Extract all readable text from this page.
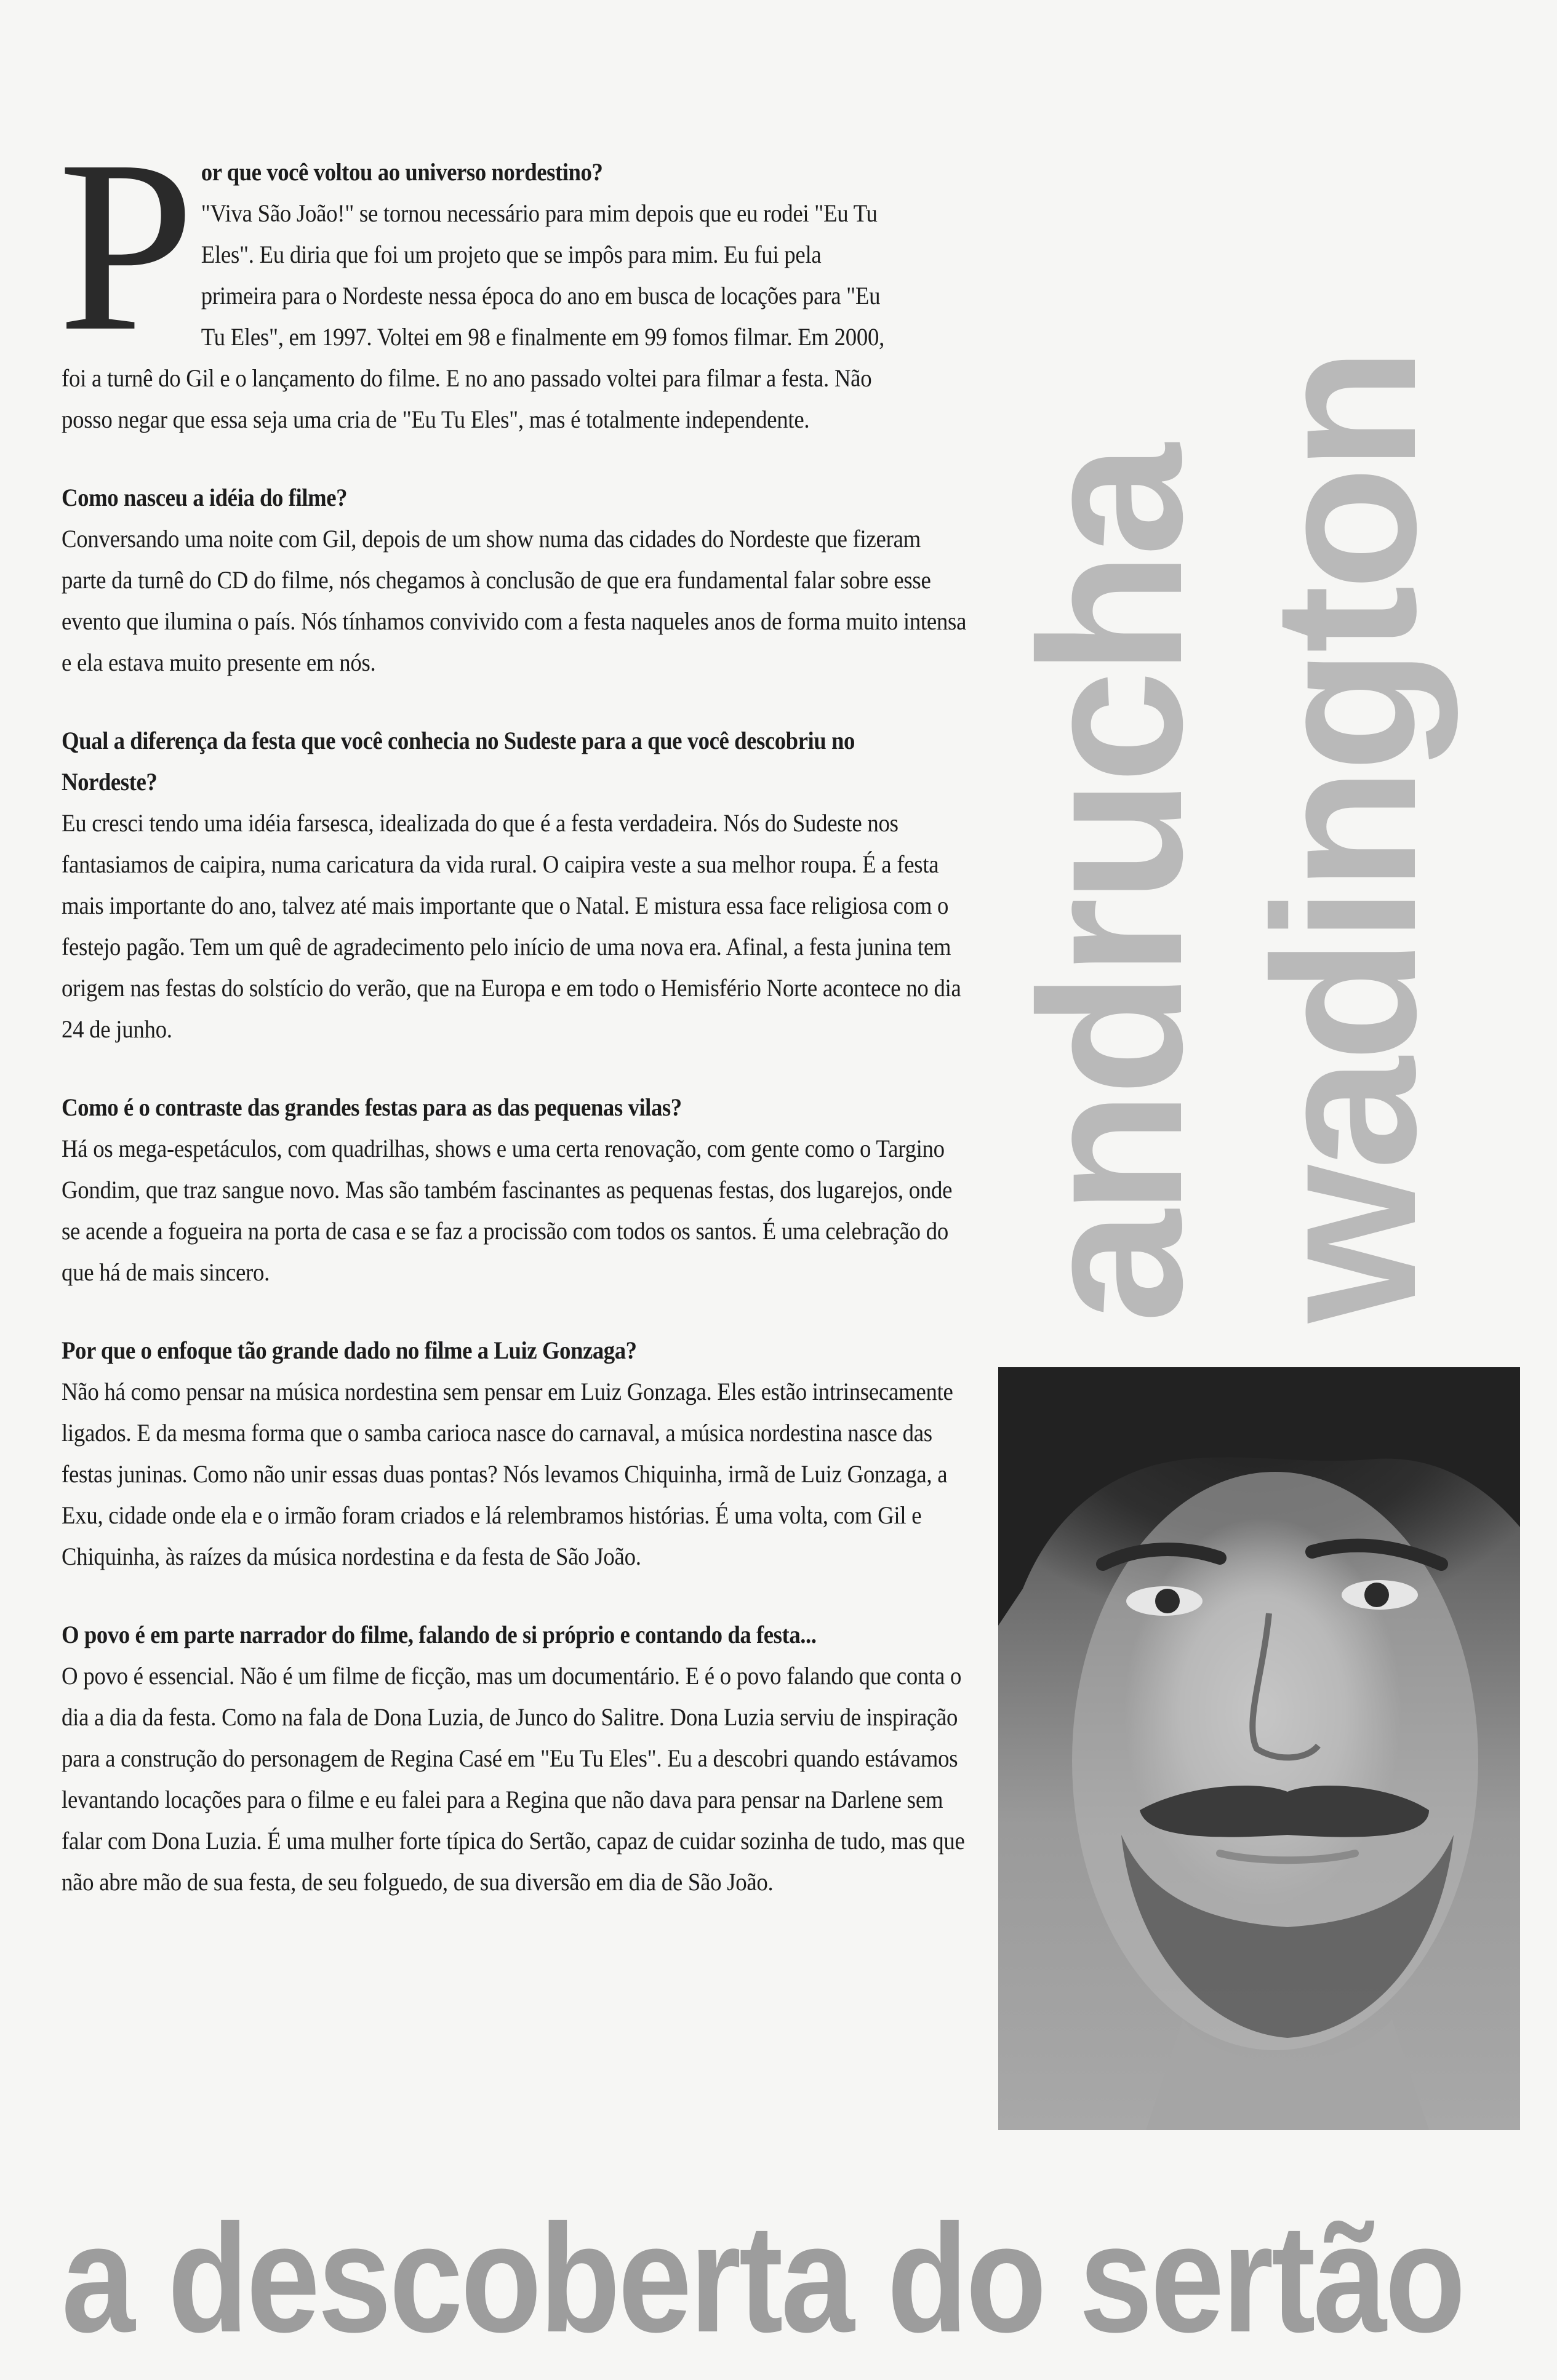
P or que você voltou ao universo nordestino?

"Viva São João!" se tornou necessário para mim depois que eu rodei "Eu Tu Eles". Eu diria que foi um projeto que se impôs para mim. Eu fui pela primeira para o Nordeste nessa época do ano em busca de locações para "Eu Tu Eles", em 1997. Voltei em 98 e finalmente em 99 fomos filmar. Em 2000, foi a turnê do Gil e o lançamento do filme. E no ano passado voltei para filmar a festa. Não posso negar que essa seja uma cria de "Eu Tu Eles", mas é totalmente independente.

Como nasceu a idéia do filme?

Conversando uma noite com Gil, depois de um show numa das cidades do Nordeste que fizeram parte da turnê do CD do filme, nós chegamos à conclusão de que era fundamental falar sobre esse evento que ilumina o país. Nós tínhamos convivido com a festa naqueles anos de forma muito intensa e ela estava muito presente em nós.

Qual a diferença da festa que você conhecia no Sudeste para a que você descobriu no Nordeste?

Eu cresci tendo uma idéia farsesca, idealizada do que é a festa verdadeira. Nós do Sudeste nos fantasiamos de caipira, numa caricatura da vida rural. O caipira veste a sua melhor roupa. É a festa mais importante do ano, talvez até mais importante que o Natal. E mistura essa face religiosa com o festejo pagão. Tem um quê de agradecimento pelo início de uma nova era. Afinal, a festa junina tem origem nas festas do solstício do verão, que na Europa e em todo o Hemisfério Norte acontece no dia 24 de junho.

Como é o contraste das grandes festas para as das pequenas vilas?

Há os mega-espetáculos, com quadrilhas, shows e uma certa renovação, com gente como o Targino Gondim, que traz sangue novo. Mas são também fascinantes as pequenas festas, dos lugarejos, onde se acende a fogueira na porta de casa e se faz a procissão com todos os santos. É uma celebração do que há de mais sincero.

Por que o enfoque tão grande dado no filme a Luiz Gonzaga?

Não há como pensar na música nordestina sem pensar em Luiz Gonzaga. Eles estão intrinsecamente ligados. E da mesma forma que o samba carioca nasce do carnaval, a música nordestina nasce das festas juninas. Como não unir essas duas pontas? Nós levamos Chiquinha, irmã de Luiz Gonzaga, a Exu, cidade onde ela e o irmão foram criados e lá relembramos histórias. É uma volta, com Gil e Chiquinha, às raízes da música nordestina e da festa de São João.

O povo é em parte narrador do filme, falando de si próprio e contando da festa...

O povo é essencial. Não é um filme de ficção, mas um documentário. E é o povo falando que conta o dia a dia da festa. Como na fala de Dona Luzia, de Junco do Salitre. Dona Luzia serviu de inspiração para a construção do personagem de Regina Casé em "Eu Tu Eles". Eu a descobri quando estávamos levantando locações para o filme e eu falei para a Regina que não dava para pensar na Darlene sem falar com Dona Luzia. É uma mulher forte típica do Sertão, capaz de cuidar sozinha de tudo, mas que não abre mão de sua festa, de seu folguedo, de sua diversão em dia de São João.

andrucha wadington
a descoberta do sertão
